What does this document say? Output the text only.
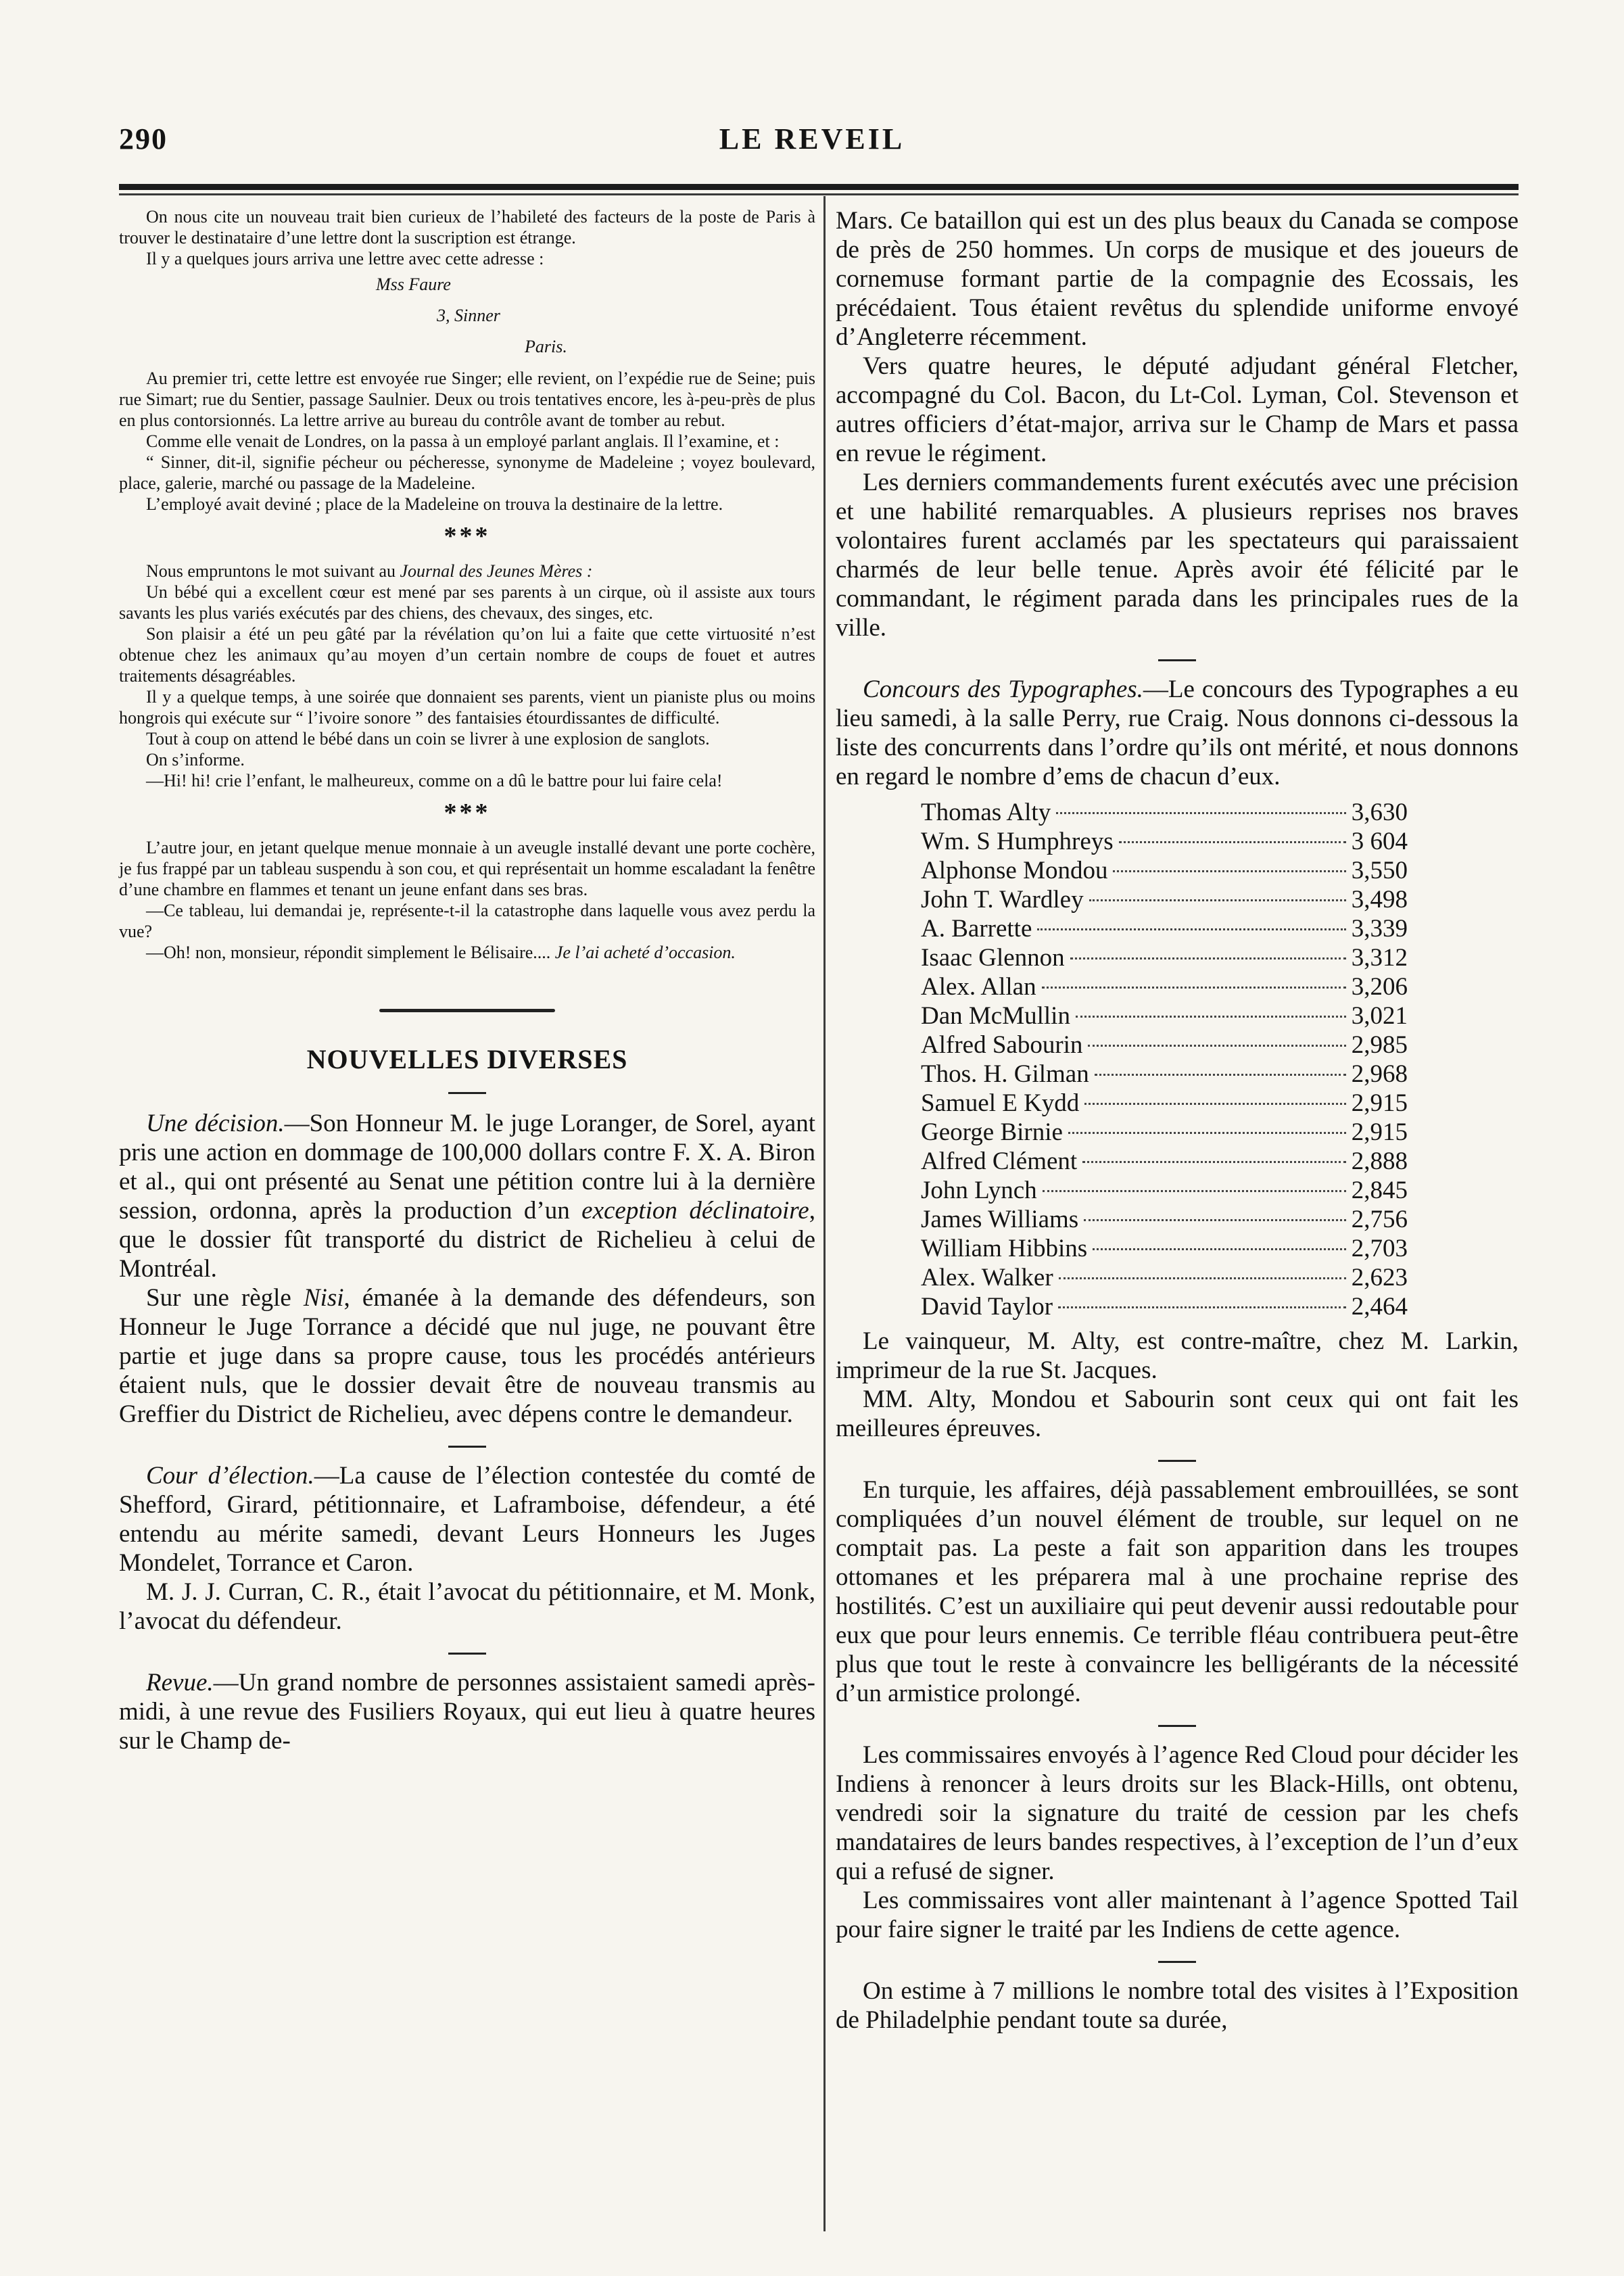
290	LE REVEIL

On nous cite un nouveau trait bien curieux de l’habileté des facteurs de la poste de Paris à trouver le destinataire d’une lettre dont la suscription est étrange.

Il y a quelques jours arriva une lettre avec cette adresse :

Mss Faure
3, Sinner
Paris.

Au premier tri, cette lettre est envoyée rue Singer; elle revient, on l’expédie rue de Seine; puis rue Simart; rue du Sentier, passage Saulnier. Deux ou trois tentatives encore, les à-peu-près de plus en plus contorsionnés. La lettre arrive au bureau du contrôle avant de tomber au rebut.

Comme elle venait de Londres, on la passa à un employé parlant anglais. Il l’examine, et :

“ Sinner, dit-il, signifie pécheur ou pécheresse, synonyme de Madeleine ; voyez boulevard, place, galerie, marché ou passage de la Madeleine.

L’employé avait deviné ; place de la Madeleine on trouva la destinaire de la lettre.

***

Nous empruntons le mot suivant au Journal des Jeunes Mères :

Un bébé qui a excellent cœur est mené par ses parents à un cirque, où il assiste aux tours savants les plus variés exécutés par des chiens, des chevaux, des singes, etc.

Son plaisir a été un peu gâté par la révélation qu’on lui a faite que cette virtuosité n’est obtenue chez les animaux qu’au moyen d’un certain nombre de coups de fouet et autres traitements désagréables.

Il y a quelque temps, à une soirée que donnaient ses parents, vient un pianiste plus ou moins hongrois qui exécute sur “ l’ivoire sonore ” des fantaisies étourdissantes de difficulté.

Tout à coup on attend le bébé dans un coin se livrer à une explosion de sanglots.

On s’informe.

—Hi! hi! crie l’enfant, le malheureux, comme on a dû le battre pour lui faire cela!

***

L’autre jour, en jetant quelque menue monnaie à un aveugle installé devant une porte cochère, je fus frappé par un tableau suspendu à son cou, et qui représentait un homme escaladant la fenêtre d’une chambre en flammes et tenant un jeune enfant dans ses bras.

—Ce tableau, lui demandai je, représente-t-il la catastrophe dans laquelle vous avez perdu la vue?

—Oh! non, monsieur, répondit simplement le Bélisaire.... Je l’ai acheté d’occasion.

NOUVELLES DIVERSES

Une décision.—Son Honneur M. le juge Loranger, de Sorel, ayant pris une action en dommage de 100,000 dollars contre F. X. A. Biron et al., qui ont présenté au Senat une pétition contre lui à la dernière session, ordonna, après la production d’un exception déclinatoire, que le dossier fût transporté du district de Richelieu à celui de Montréal.

Sur une règle Nisi, émanée à la demande des défendeurs, son Honneur le Juge Torrance a décidé que nul juge, ne pouvant être partie et juge dans sa propre cause, tous les procédés antérieurs étaient nuls, que le dossier devait être de nouveau transmis au Greffier du District de Richelieu, avec dépens contre le demandeur.

Cour d’élection.—La cause de l’élection contestée du comté de Shefford, Girard, pétitionnaire, et Laframboise, défendeur, a été entendu au mérite samedi, devant Leurs Honneurs les Juges Mondelet, Torrance et Caron.

M. J. J. Curran, C. R., était l’avocat du pétitionnaire, et M. Monk, l’avocat du défendeur.

Revue.—Un grand nombre de personnes assistaient samedi après-midi, à une revue des Fusiliers Royaux, qui eut lieu à quatre heures sur le Champ de-

Mars. Ce bataillon qui est un des plus beaux du Canada se compose de près de 250 hommes. Un corps de musique et des joueurs de cornemuse formant partie de la compagnie des Ecossais, les précédaient. Tous étaient revêtus du splendide uniforme envoyé d’Angleterre récemment.

Vers quatre heures, le député adjudant général Fletcher, accompagné du Col. Bacon, du Lt-Col. Lyman, Col. Stevenson et autres officiers d’état-major, arriva sur le Champ de Mars et passa en revue le régiment.

Les derniers commandements furent exécutés avec une précision et une habilité remarquables. A plusieurs reprises nos braves volontaires furent acclamés par les spectateurs qui paraissaient charmés de leur belle tenue. Après avoir été félicité par le commandant, le régiment parada dans les principales rues de la ville.

Concours des Typographes.—Le concours des Typographes a eu lieu samedi, à la salle Perry, rue Craig. Nous donnons ci-dessous la liste des concurrents dans l’ordre qu’ils ont mérité, et nous donnons en regard le nombre d’ems de chacun d’eux.

Thomas Alty	3,630
Wm. S Humphreys	3 604
Alphonse Mondou	3,550
John T. Wardley	3,498
A. Barrette	3,339
Isaac Glennon	3,312
Alex. Allan	3,206
Dan McMullin	3,021
Alfred Sabourin	2,985
Thos. H. Gilman	2,968
Samuel E Kydd	2,915
George Birnie	2,915
Alfred Clément	2,888
John Lynch	2,845
James Williams	2,756
William Hibbins	2,703
Alex. Walker	2,623
David Taylor	2,464

Le vainqueur, M. Alty, est contre-maître, chez M. Larkin, imprimeur de la rue St. Jacques.

MM. Alty, Mondou et Sabourin sont ceux qui ont fait les meilleures épreuves.

En turquie, les affaires, déjà passablement embrouillées, se sont compliquées d’un nouvel élément de trouble, sur lequel on ne comptait pas. La peste a fait son apparition dans les troupes ottomanes et les préparera mal à une prochaine reprise des hostilités. C’est un auxiliaire qui peut devenir aussi redoutable pour eux que pour leurs ennemis. Ce terrible fléau contribuera peut-être plus que tout le reste à convaincre les belligérants de la nécessité d’un armistice prolongé.

Les commissaires envoyés à l’agence Red Cloud pour décider les Indiens à renoncer à leurs droits sur les Black-Hills, ont obtenu, vendredi soir la signature du traité de cession par les chefs mandataires de leurs bandes respectives, à l’exception de l’un d’eux qui a refusé de signer.

Les commissaires vont aller maintenant à l’agence Spotted Tail pour faire signer le traité par les Indiens de cette agence.

On estime à 7 millions le nombre total des visites à l’Exposition de Philadelphie pendant toute sa durée,
